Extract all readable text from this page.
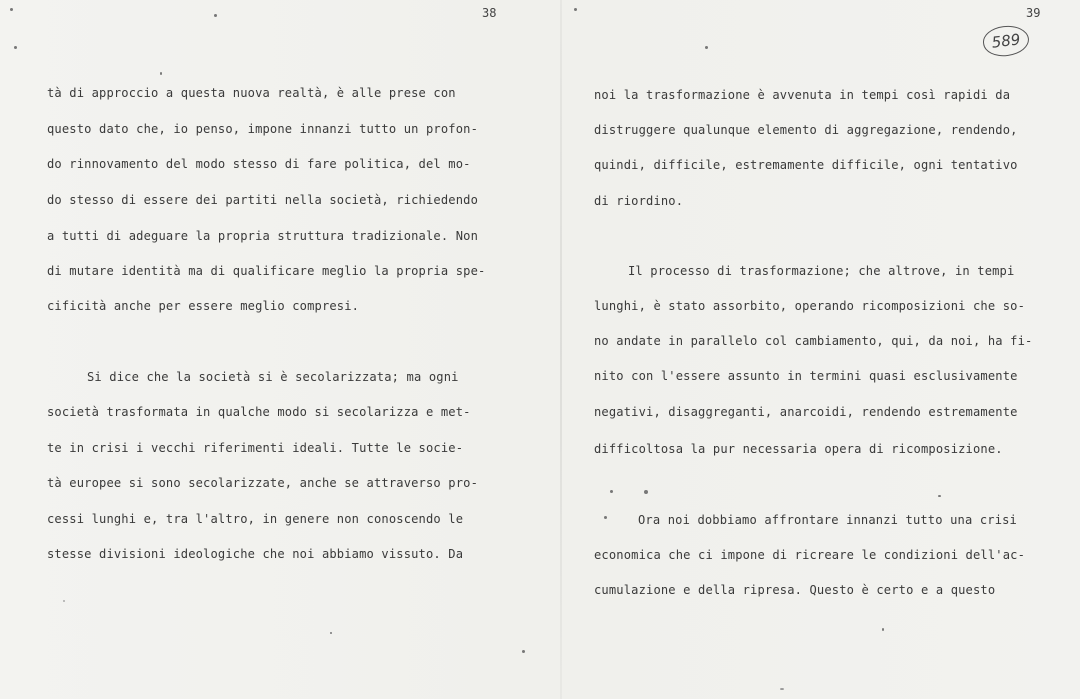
38
tà di approccio a questa nuova realtà, è alle prese con
questo dato che, io penso, impone innanzi tutto un profon-
do rinnovamento del modo stesso di fare politica, del mo-
do stesso di essere dei partiti nella società, richiedendo
a tutti di adeguare la propria struttura tradizionale. Non
di mutare identità ma di qualificare meglio la propria spe-
cificità anche per essere meglio compresi.
Si dice che la società si è secolarizzata; ma ogni
società trasformata in qualche modo si secolarizza e met-
te in crisi i vecchi riferimenti ideali. Tutte le socie-
tà europee si sono secolarizzate, anche se attraverso pro-
cessi lunghi e, tra l'altro, in genere non conoscendo le
stesse divisioni ideologiche che noi abbiamo vissuto. Da
39
589
noi la trasformazione è avvenuta in tempi così rapidi da
distruggere qualunque elemento di aggregazione, rendendo,
quindi, difficile, estremamente difficile, ogni tentativo
di riordino.
Il processo di trasformazione; che altrove, in tempi
lunghi, è stato assorbito, operando ricomposizioni che so-
no andate in parallelo col cambiamento, qui, da noi, ha fi-
nito con l'essere assunto in termini quasi esclusivamente
negativi, disaggreganti, anarcoidi, rendendo estremamente
difficoltosa la pur necessaria opera di ricomposizione.
Ora noi dobbiamo affrontare innanzi tutto una crisi
economica che ci impone di ricreare le condizioni dell'ac-
cumulazione e della ripresa. Questo è certo e a questo
